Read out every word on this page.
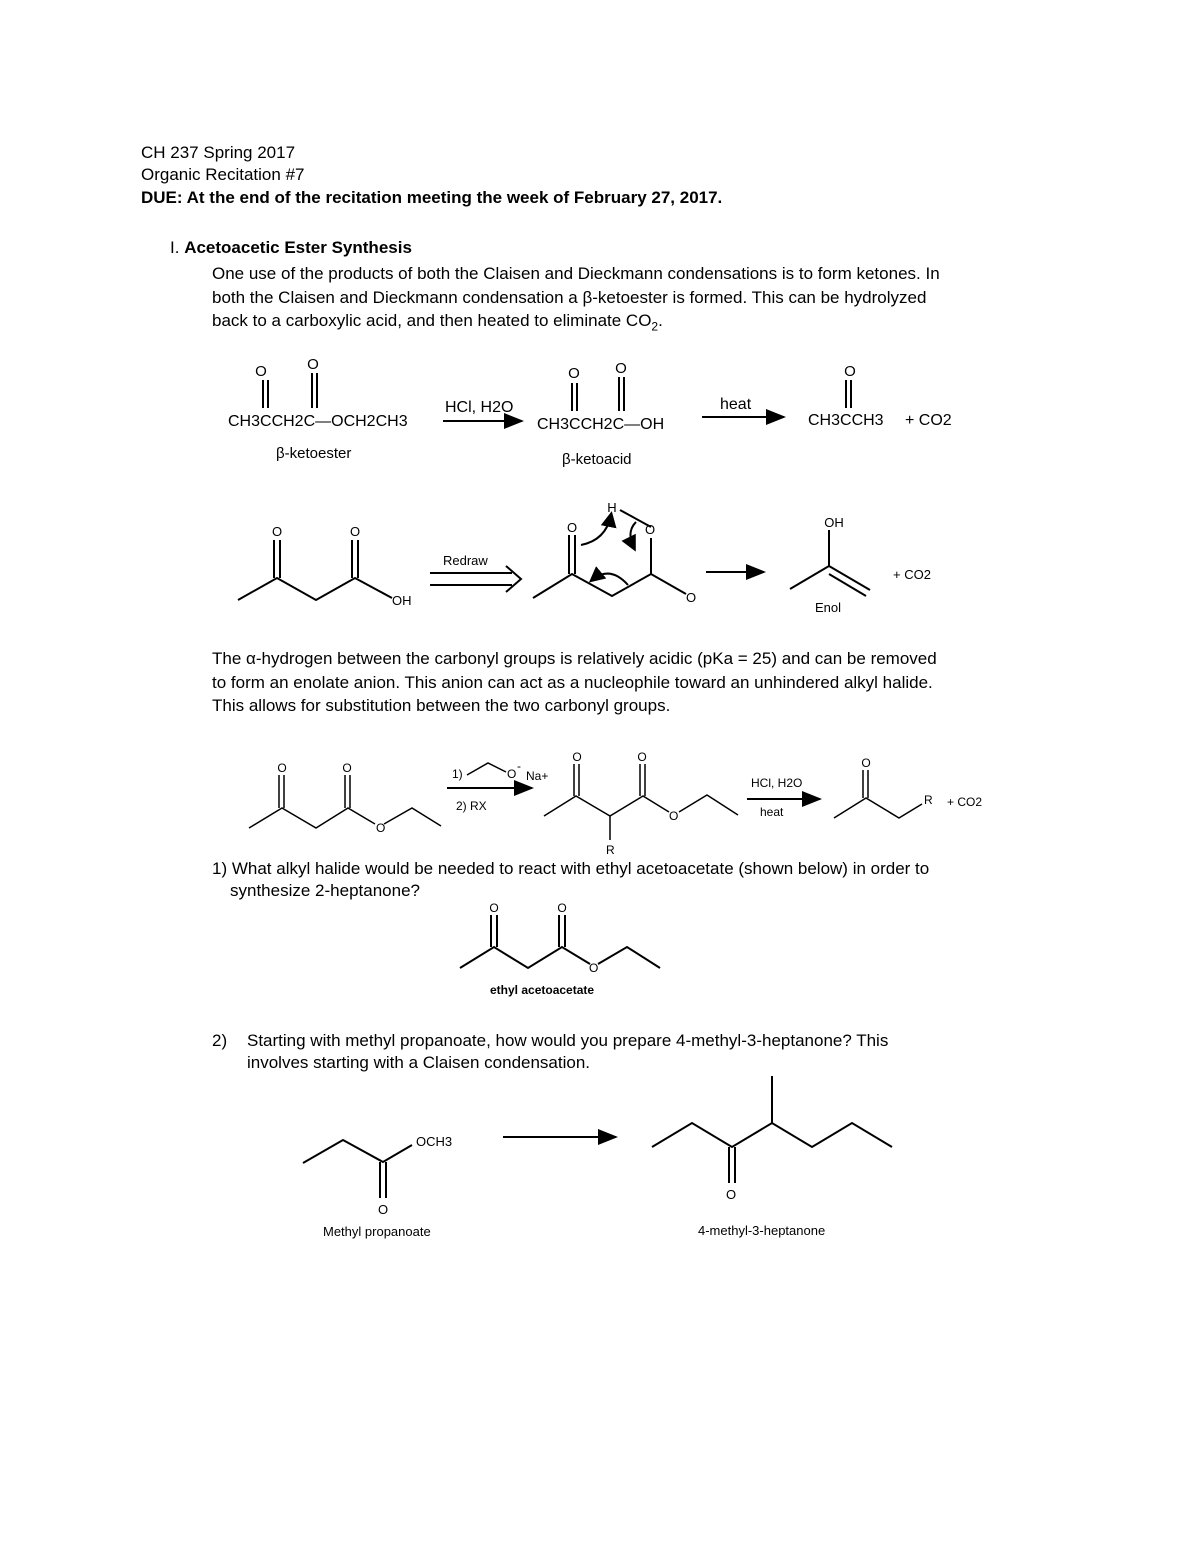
CH 237 Spring 2017
Organic Recitation #7
DUE: At the end of the recitation meeting the week of February 27, 2017.
I. Acetoacetic Ester Synthesis
One use of the products of both the Claisen and Dieckmann condensations is to form ketones. In
both the Claisen and Dieckmann condensation a β-ketoester is formed. This can be hydrolyzed
back to a carboxylic acid, and then heated to eliminate $CO_2$.
The α-hydrogen between the carbonyl groups is relatively acidic (pKa = 25) and can be removed
to form an enolate anion. This anion can act as a nucleophile toward an unhindered alkyl halide.
This allows for substitution between the two carbonyl groups.
1) What alkyl halide would be needed to react with ethyl acetoacetate (shown below) in order to
synthesize 2-heptanone?
2) Starting with methyl propanoate, how would you prepare 4-methyl-3-heptanone? This
involves starting with a Claisen condensation.
O	O
CH3CCH2C—OCH2CH3
β-ketoester
HCl, H2O
O O
CH3CCH2C—OH
β-ketoacid
heat
O
CH3CCH3 + CO2
O	O
OH
Redraw
O	O
H
O
OH
Enol
+ CO2
O	O
O
1)	O
-
Na+
2) RX
O	O
O
R
HCl, H2O
heat
O
R + CO2
O	O
O
ethyl acetoacetate
O
OCH3
Methyl propanoate
O
4-methyl-3-heptanone
